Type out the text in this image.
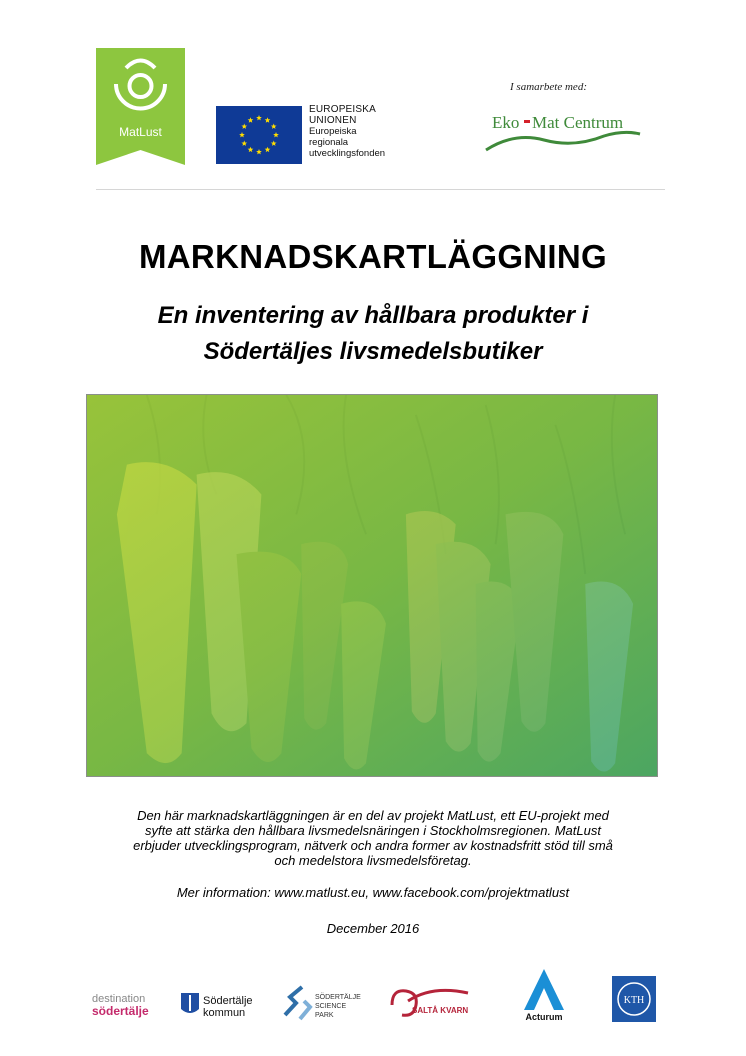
MatLust
EUROPEISKA
UNIONEN
Europeiska
regionala
utvecklingsfonden
I samarbete med:
Eko Mat Centrum
MARKNADSKARTLÄGGNING
En inventering av hållbara produkter i
Södertäljes livsmedelsbutiker
Den här marknadskartläggningen är en del av projekt MatLust, ett EU-projekt med
syfte att stärka den hållbara livsmedelsnäringen i Stockholmsregionen. MatLust
erbjuder utvecklingsprogram, nätverk och andra former av kostnadsfritt stöd till små
och medelstora livsmedelsföretag.
Mer information: www.matlust.eu, www.facebook.com/projektmatlust
December 2016
destination
södertälje
Södertälje
kommun
SÖDERTÄLJE
SCIENCE
PARK
SALTÅ KVARN
Acturum
KTH
